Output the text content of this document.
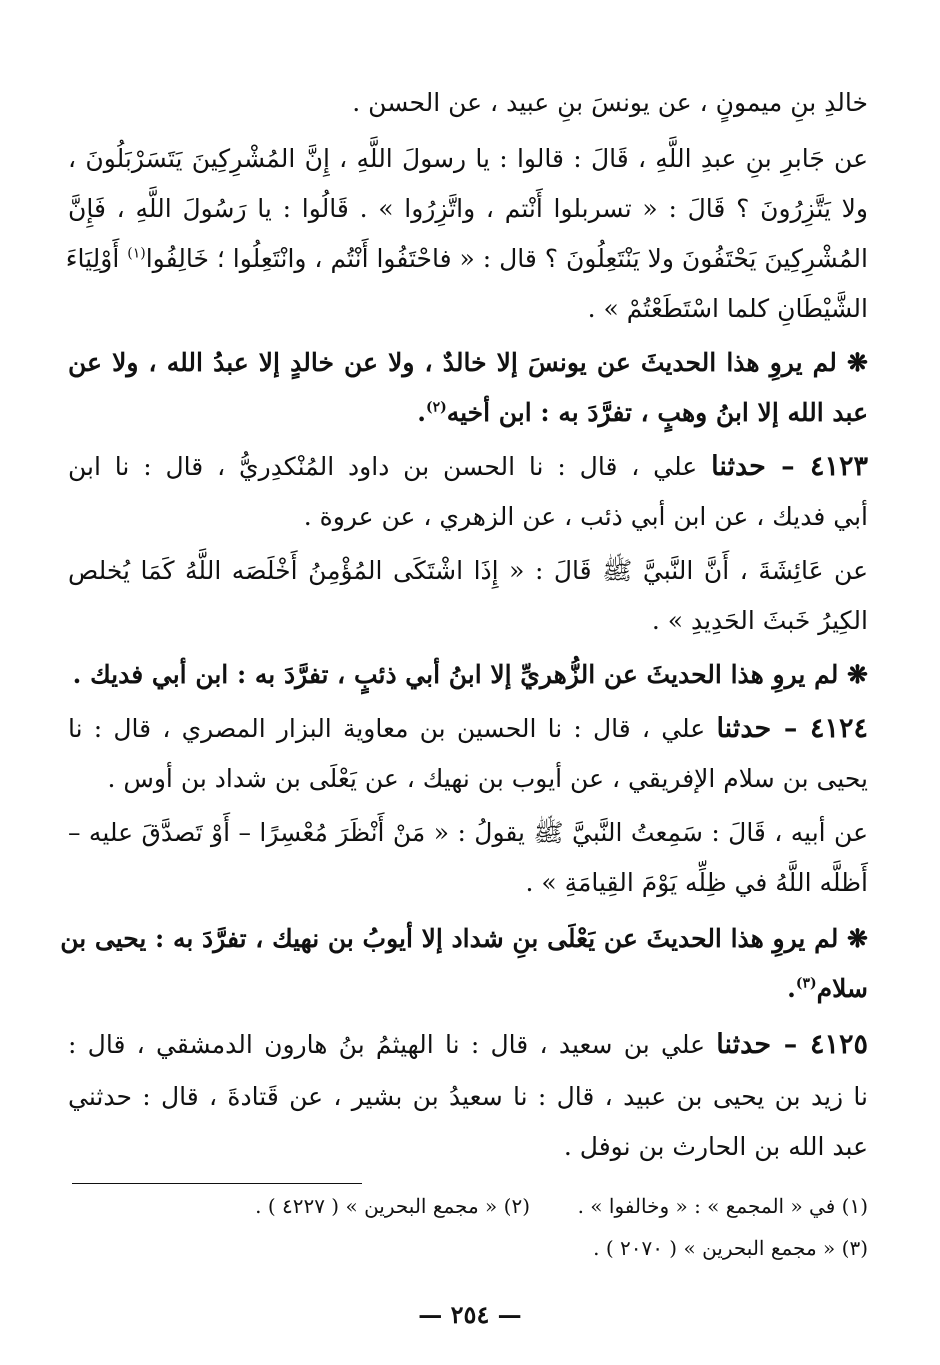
خالدِ بنِ ميمونٍ ، عن يونسَ بنِ عبيد ، عن الحسن .
عن جَابرِ بنِ عبدِ اللَّهِ ، قَالَ : قالوا : يا رسولَ اللَّهِ ، إِنَّ المُشْرِكِينَ يَتَسَرْبَلُونَ ،
ولا يَتَّزِرُونَ ؟ قَالَ : « تسربلوا أَنْتم ، واتَّزِرُوا » . قَالُوا : يا رَسُولَ اللَّهِ ، فَإِنَّ
المُشْرِكِينَ يَحْتَفُونَ ولا يَنْتَعِلُونَ ؟ قال : « فاحْتَفُوا أَنْتُم ، وانْتَعِلُوا ؛ خَالِفُوا$^{(١)}$ أَوْلِيَاءَ
الشَّيْطَانِ كلما اسْتَطَعْتُمْ » .
❋ لم يروِ هذا الحديثَ عن يونسَ إلا خالدٌ ، ولا عن خالدٍ إلا عبدُ الله ، ولا عن
عبد الله إلا ابنُ وهبٍ ، تفرَّدَ به : ابن أخيه$^{(٢)}$.
٤١٢٣ – حدثنا علي ، قال : نا الحسن بن داود المُنْكدِريُّ ، قال : نا ابن
أبي فديك ، عن ابن أبي ذئب ، عن الزهري ، عن عروة .
عن عَائِشَةَ ، أَنَّ النَّبيَّ ﷺ قَالَ : « إِذَا اشْتَكَى المُؤْمِنُ أَخْلَصَه اللَّهُ كَمَا يُخلص
الكِيرُ خَبثَ الحَدِيدِ » .
❋ لم يروِ هذا الحديثَ عن الزُّهريِّ إلا ابنُ أبي ذئبٍ ، تفرَّدَ به : ابن أبي فديك .
٤١٢٤ – حدثنا علي ، قال : نا الحسين بن معاوية البزار المصري ، قال : نا
يحيى بن سلام الإفريقي ، عن أيوب بن نهيك ، عن يَعْلَى بن شداد بن أوس .
عن أبيه ، قَالَ : سَمِعتُ النَّبيَّ ﷺ يقولُ : « مَنْ أَنْظَرَ مُعْسِرًا – أَوْ تَصدَّقَ عليه –
أَظلَّه اللَّهُ في ظِلِّه يَوْمَ القِيامَةِ » .
❋ لم يروِ هذا الحديثَ عن يَعْلَى بنِ شداد إلا أيوبُ بن نهيك ، تفرَّدَ به : يحيى بن
سلام$^{(٣)}$.
٤١٢٥ – حدثنا علي بن سعيد ، قال : نا الهيثمُ بنُ هارون الدمشقي ، قال :
نا زيد بن يحيى بن عبيد ، قال : نا سعيدُ بن بشير ، عن قَتادةَ ، قال : حدثني
عبد الله بن الحارث بن نوفل .
(١) في « المجمع » : « وخالفوا » .
(٢) « مجمع البحرين » ( ٤٢٢٧ ) .
(٣) « مجمع البحرين » ( ٢٠٧٠ ) .
— ٢٥٤ —
